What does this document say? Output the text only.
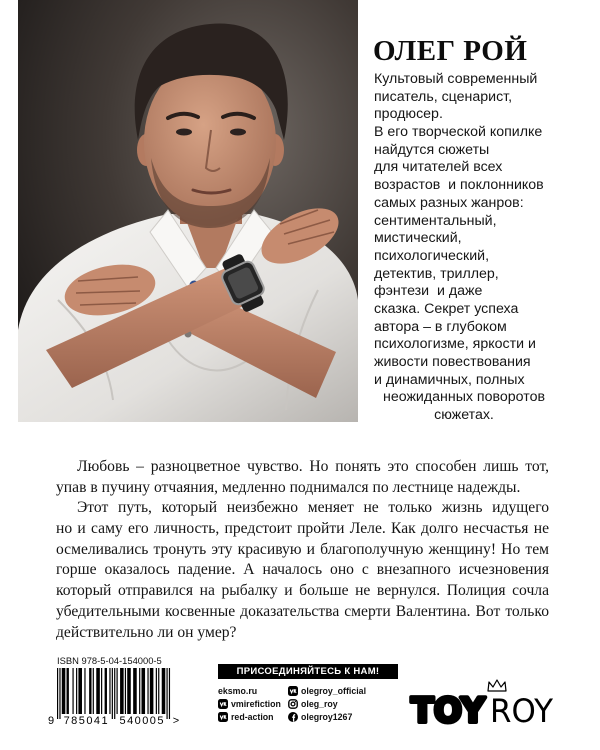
ОЛЕГ РОЙ
Культовый современный
писатель, сценарист,
продюсер.
В его творческой копилке
найдутся сюжеты
для читателей всех
возрастов  и поклонников
самых разных жанров:
сентиментальный,
мистический,
психологический,
детектив, триллер,
фэнтези  и даже
сказка. Секрет успеха
автора – в глубоком
психологизме, яркости и
живости повествования
и динамичных, полных
неожиданных поворотов
сюжетах.
Любовь – разноцветное чувство. Но понять это способен лишь тот,
упав в пучину отчаяния, медленно поднимался по лестнице надежды.
Этот путь, который неизбежно меняет не только жизнь идущего
но и саму его личность, предстоит пройти Леле. Как долго несчастья не
осмеливались тронуть эту красивую и благополучную женщину! Но тем
горше оказалось падение. А началось оно с внезапного исчезновения
который отправился на рыбалку и больше не вернулся. Полиция сочла
убедительными косвенные доказательства смерти Валентина. Вот только
действительно ли он умер?
ISBN 978-5-04-154000-5
9 785041 540005 >
ПРИСОЕДИНЯЙТЕСЬ К НАМ!
eksmo.ru
vmirefiction
red-action
olegroy_official
oleg_roy
olegroy1267 TOY ROY
